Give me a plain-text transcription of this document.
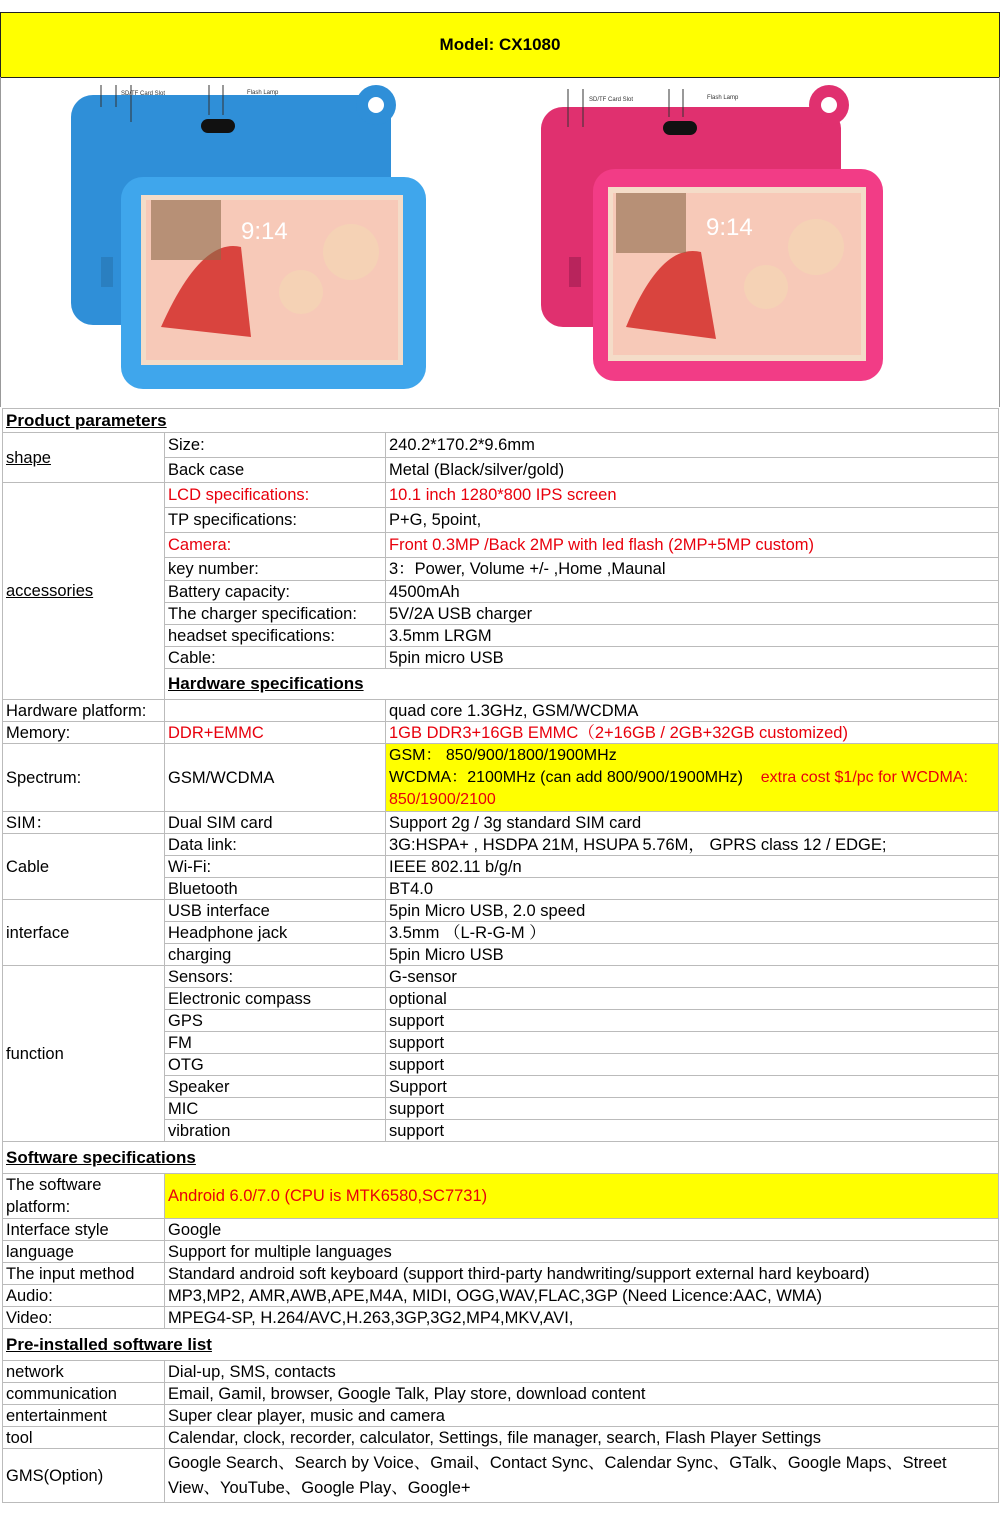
Model: CX1080
9:14
SD/TF Card Slot	Flash Lamp
9:14
SD/TF Card Slot	Flash Lamp
Product parameters		
shape	Size:	240.2*170.2*9.6mm
	Back case	Metal (Black/silver/gold)
accessories	LCD specifications:	10.1 inch 1280*800 IPS screen
	TP specifications:	P+G, 5point,
	Camera:	Front 0.3MP /Back 2MP with led flash (2MP+5MP custom)
	key number:	3：Power, Volume +/- ,Home ,Maunal
	Battery capacity:	4500mAh
	The charger specification:	5V/2A USB charger
	headset specifications:	3.5mm LRGM
	Cable:	5pin micro USB
	Hardware specifications	
Hardware platform:		quad core 1.3GHz, GSM/WCDMA
Memory:	DDR+EMMC	1GB DDR3+16GB EMMC（2+16GB / 2GB+32GB customized)
Spectrum:	GSM/WCDMA	GSM： 850/900/1800/1900MHz
WCDMA：2100MHz (can add 800/900/1900MHz) extra cost $1/pc for WCDMA: 850/1900/2100

SIM：	Dual SIM card	Support 2g / 3g standard SIM card
Cable	Data link:	3G:HSPA+ , HSDPA 21M, HSUPA 5.76M， GPRS class 12 / EDGE;
	Wi-Fi:	IEEE 802.11 b/g/n
	Bluetooth	BT4.0
interface	USB interface	5pin Micro USB, 2.0 speed
	Headphone jack	3.5mm （L-R-G-M ）
	charging	5pin Micro USB
function	Sensors:	G-sensor
	Electronic compass	optional
	GPS	support
	FM	support
	OTG	support
	Speaker	Support
	MIC	support
	vibration	support
Software specifications		
The software platform:	Android 6.0/7.0 (CPU is MTK6580,SC7731)	
Interface style	Google	
language	Support for multiple languages	
The input method	Standard android soft keyboard (support third-party handwriting/support external hard keyboard)	
Audio:	MP3,MP2, AMR,AWB,APE,M4A, MIDI, OGG,WAV,FLAC,3GP (Need Licence:AAC, WMA)	
Video:	MPEG4-SP, H.264/AVC,H.263,3GP,3G2,MP4,MKV,AVI,	
Pre-installed software list		
network	Dial-up, SMS, contacts	
communication	Email, Gamil, browser, Google Talk, Play store, download content	
entertainment	Super clear player, music and camera	
tool	Calendar, clock, recorder, calculator, Settings, file manager, search, Flash Player Settings	
GMS(Option)	Google Search、Search by Voice、Gmail、Contact Sync、Calendar Sync、GTalk、Google Maps、Street View、YouTube、Google Play、Google+	
